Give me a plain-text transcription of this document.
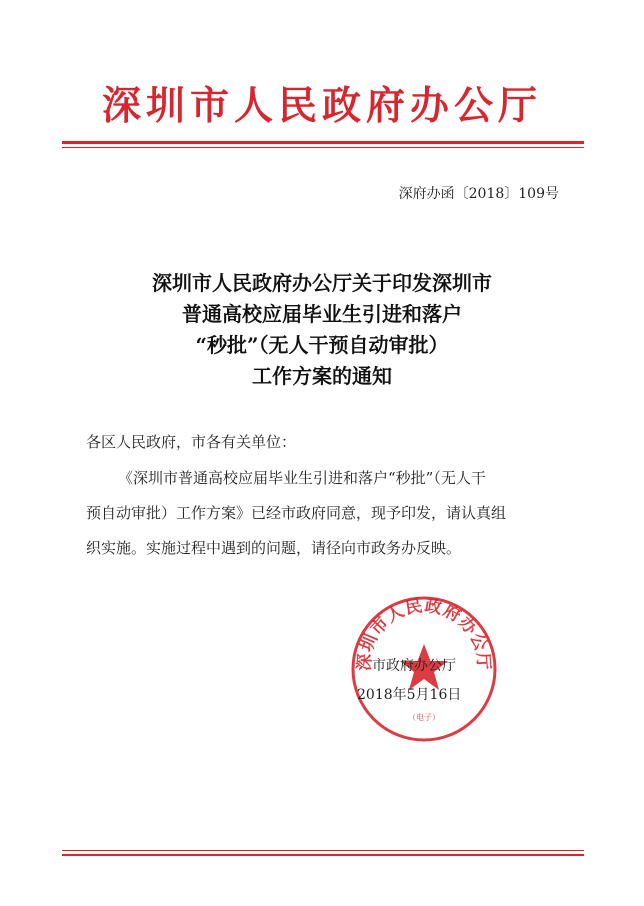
深圳市人民政府办公厅
深府办函〔2018〕109号
深圳市人民政府办公厅关于印发深圳市
普通高校应届毕业生引进和落户
“秒批”（无人干预自动审批）
工作方案的通知
各区人民政府，市各有关单位：
《深圳市普通高校应届毕业生引进和落户“秒批”（无人干
预自动审批）工作方案》已经市政府同意，现予印发，请认真组
织实施。实施过程中遇到的问题，请径向市政务办反映。
深圳市人民政府办公厅
（电子）
市政府办公厅
2018年5月16日
